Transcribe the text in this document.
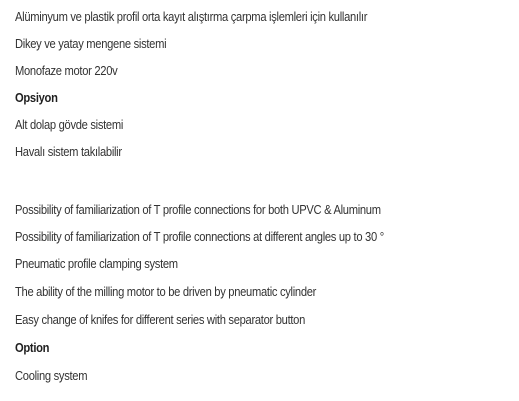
Alüminyum ve plastik profil orta kayıt alıştırma çarpma işlemleri için kullanılır
Dikey ve yatay mengene sistemi
Monofaze motor 220v
Opsiyon
Alt dolap gövde sistemi
Havalı sistem takılabilir
Possibility of familiarization of T profile connections for both UPVC & Aluminum
Possibility of familiarization of T profile connections at different angles up to 30 °
Pneumatic profile clamping system
The ability of the milling motor to be driven by pneumatic cylinder
Easy change of knifes for different series with separator button
Option
Cooling system
